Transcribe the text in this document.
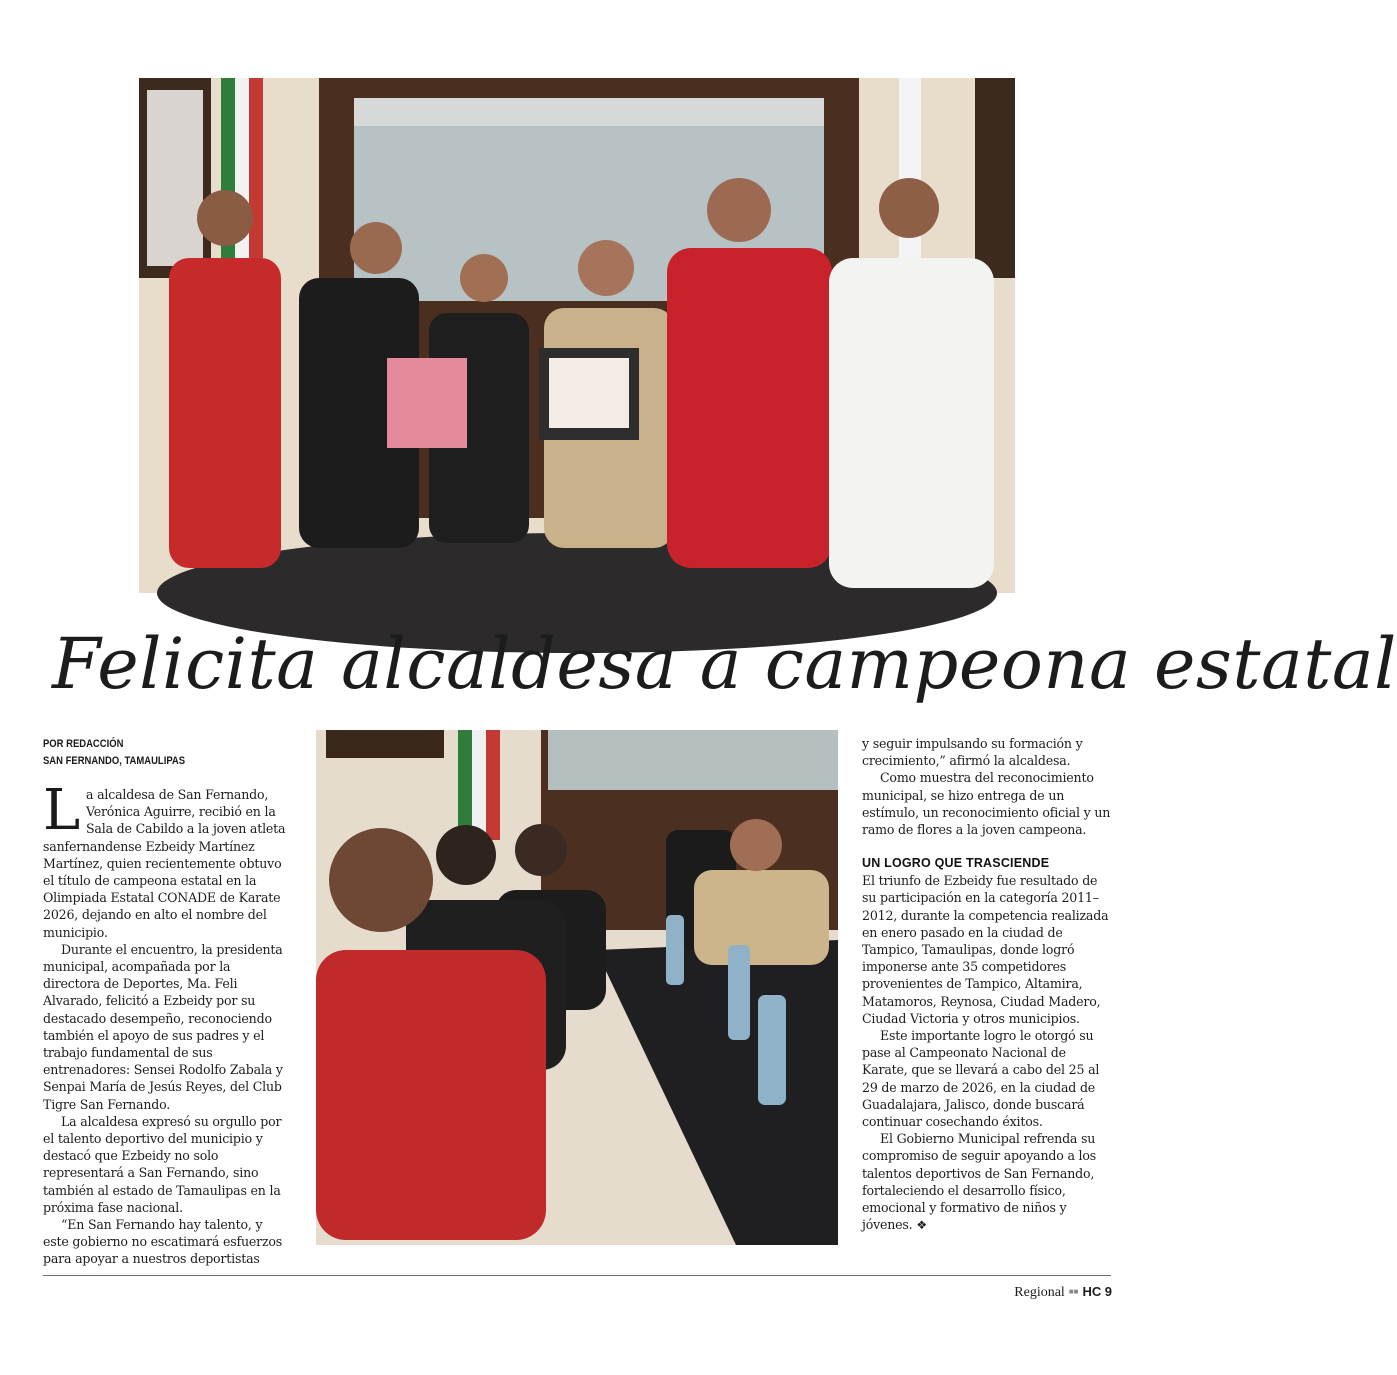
Felicita alcaldesa a campeona estatal
POR REDACCIÓN
SAN FERNANDO, TAMAULIPAS

La alcaldesa de San Fernando, Verónica Aguirre, recibió en la Sala de Cabildo a la joven atleta sanfernandense Ezbeidy Martínez Martínez, quien recientemente obtuvo el título de campeona estatal en la Olimpiada Estatal CONADE de Karate 2026, dejando en alto el nombre del municipio.

Durante el encuentro, la presidenta municipal, acompañada por la directora de Deportes, Ma. Feli Alvarado, felicitó a Ezbeidy por su destacado desempeño, reconociendo también el apoyo de sus padres y el trabajo fundamental de sus entrenadores: Sensei Rodolfo Zabala y Senpai María de Jesús Reyes, del Club Tigre San Fernando.

La alcaldesa expresó su orgullo por el talento deportivo del municipio y destacó que Ezbeidy no solo representará a San Fernando, sino también al estado de Tamaulipas en la próxima fase nacional.

“En San Fernando hay talento, y este gobierno no escatimará esfuerzos para apoyar a nuestros deportistas

y seguir impulsando su formación y crecimiento,” afirmó la alcaldesa.

Como muestra del reconocimiento municipal, se hizo entrega de un estímulo, un reconocimiento oficial y un ramo de flores a la joven campeona.

UN LOGRO QUE TRASCIENDE

El triunfo de Ezbeidy fue resultado de su participación en la categoría 2011–2012, durante la competencia realizada en enero pasado en la ciudad de Tampico, Tamaulipas, donde logró imponerse ante 35 competidores provenientes de Tampico, Altamira, Matamoros, Reynosa, Ciudad Madero, Ciudad Victoria y otros municipios.

Este importante logro le otorgó su pase al Campeonato Nacional de Karate, que se llevará a cabo del 25 al 29 de marzo de 2026, en la ciudad de Guadalajara, Jalisco, donde buscará continuar cosechando éxitos.

El Gobierno Municipal refrenda su compromiso de seguir apoyando a los talentos deportivos de San Fernando, fortaleciendo el desarrollo físico, emocional y formativo de niños y jóvenes. ❖

Regional ■■ HC 9
